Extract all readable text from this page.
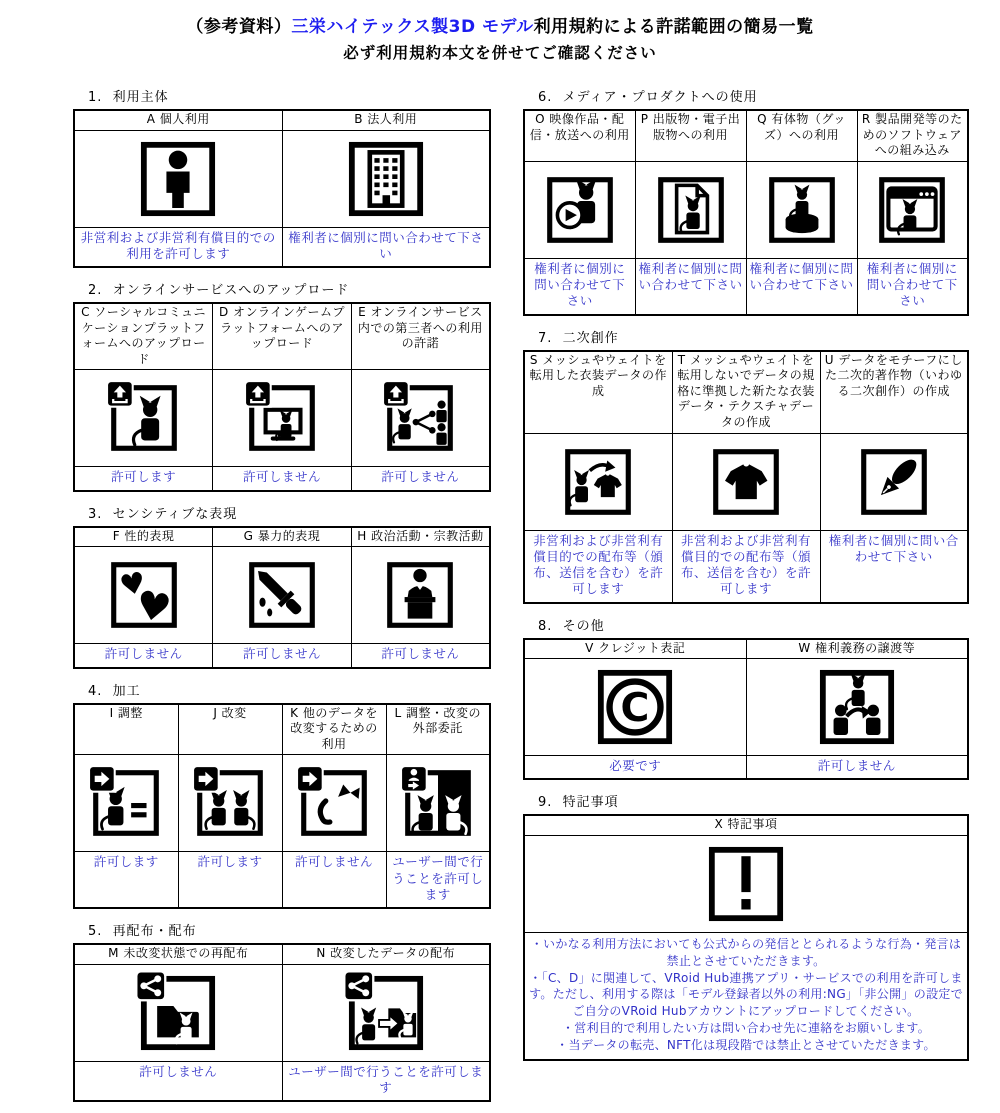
（参考資料）三栄ハイテックス製3D モデル利用規約による許諾範囲の簡易一覧
必ず利用規約本文を併せてご確認ください
1.  利用主体
A 個人利用	B 法人利用

非営利および非営利有償目的での利用を許可します	権利者に個別に問い合わせて下さい
2.  オンラインサービスへのアップロード
C ソーシャルコミュニケーションプラットフォームへのアップロード	D オンラインゲームプラットフォームへのアップロード	E オンラインサービス内での第三者への利用の許諾

許可します	許可しません	許可しません
3.  センシティブな表現
F 性的表現	G 暴力的表現	H 政治活動・宗教活動

♥
♥

許可しません	許可しません	許可しません
4.  加工
I 調整	J 改変	K 他のデータを改変するための利用	L 調整・改変の外部委託

許可します	許可します	許可しません	ユーザー間で行うことを許可します
5.  再配布・配布
M 未改変状態での再配布	N 改変したデータの配布

許可しません	ユーザー間で行うことを許可します
6.  メディア・プロダクトへの使用
O 映像作品・配信・放送への利用	P 出版物・電子出版物への利用	Q 有体物（グッズ）への利用	R 製品開発等のためのソフトウェアへの組み込み

権利者に個別に問い合わせて下さい	権利者に個別に問い合わせて下さい	権利者に個別に問い合わせて下さい	権利者に個別に問い合わせて下さい
7.  二次創作
S メッシュやウェイトを転用した衣装データの作成	T メッシュやウェイトを転用しないでデータの規格に準拠した新たな衣装データ・テクスチャデータの作成	U データをモチーフにした二次的著作物（いわゆる二次創作）の作成

非営利および非営利有償目的での配布等（頒布、送信を含む）を許可します	非営利および非営利有償目的での配布等（頒布、送信を含む）を許可します	権利者に個別に問い合わせて下さい
8.  その他
V クレジット表記	W 権利義務の譲渡等

C

必要です	許可しません
9.  特記事項
X 特記事項

・いかなる利用方法においても公式からの発信ととられるような行為・発言は禁止とさせていただきます。
・「C、D」に関連して、VRoid Hub連携アプリ・サービスでの利用を許可します。ただし、利用する際は「モデル登録者以外の利用:NG」「非公開」の設定でご自分のVRoid Hubアカウントにアップロードしてください。
・営利目的で利用したい方は問い合わせ先に連絡をお願いします。
・当データの転売、NFT化は現段階では禁止とさせていただきます。
